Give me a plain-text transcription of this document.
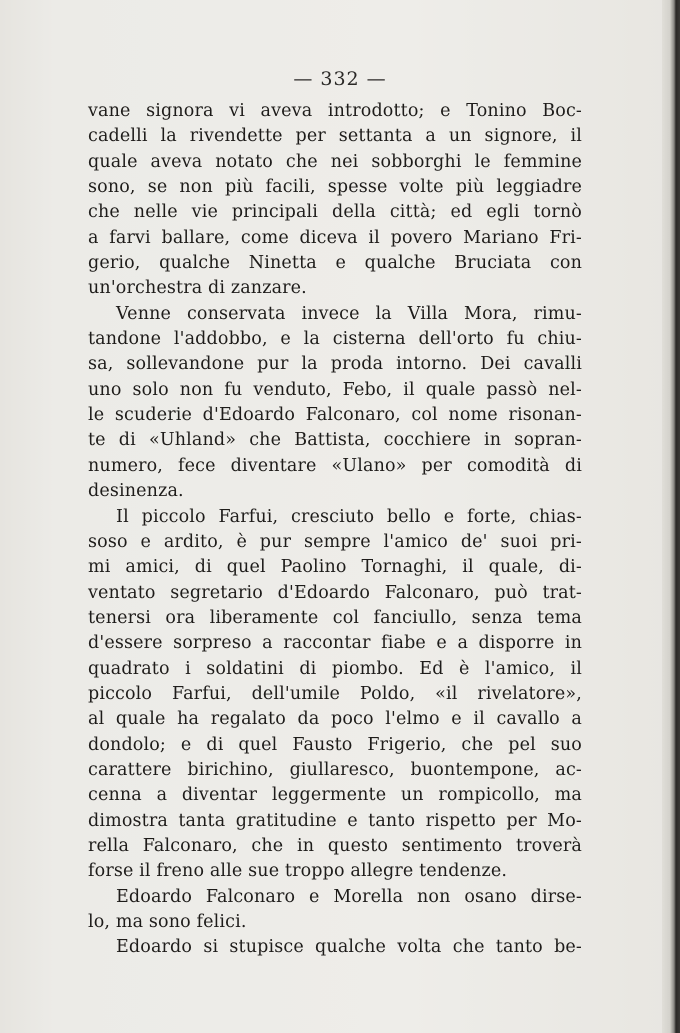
— 332 —
vane signora vi aveva introdotto; e Tonino Boc-
cadelli la rivendette per settanta a un signore, il
quale aveva notato che nei sobborghi le femmine
sono, se non più facili, spesse volte più leggiadre
che nelle vie principali della città; ed egli tornò
a farvi ballare, come diceva il povero Mariano Fri-
gerio, qualche Ninetta e qualche Bruciata con
un'orchestra di zanzare.
Venne conservata invece la Villa Mora, rimu-
tandone l'addobbo, e la cisterna dell'orto fu chiu-
sa, sollevandone pur la proda intorno. Dei cavalli
uno solo non fu venduto, Febo, il quale passò nel-
le scuderie d'Edoardo Falconaro, col nome risonan-
te di «Uhland» che Battista, cocchiere in sopran-
numero, fece diventare «Ulano» per comodità di
desinenza.
Il piccolo Farfui, cresciuto bello e forte, chias-
soso e ardito, è pur sempre l'amico de' suoi pri-
mi amici, di quel Paolino Tornaghi, il quale, di-
ventato segretario d'Edoardo Falconaro, può trat-
tenersi ora liberamente col fanciullo, senza tema
d'essere sorpreso a raccontar fiabe e a disporre in
quadrato i soldatini di piombo. Ed è l'amico, il
piccolo Farfui, dell'umile Poldo, «il rivelatore»,
al quale ha regalato da poco l'elmo e il cavallo a
dondolo; e di quel Fausto Frigerio, che pel suo
carattere birichino, giullaresco, buontempone, ac-
cenna a diventar leggermente un rompicollo, ma
dimostra tanta gratitudine e tanto rispetto per Mo-
rella Falconaro, che in questo sentimento troverà
forse il freno alle sue troppo allegre tendenze.
Edoardo Falconaro e Morella non osano dirse-
lo, ma sono felici.
Edoardo si stupisce qualche volta che tanto be-
